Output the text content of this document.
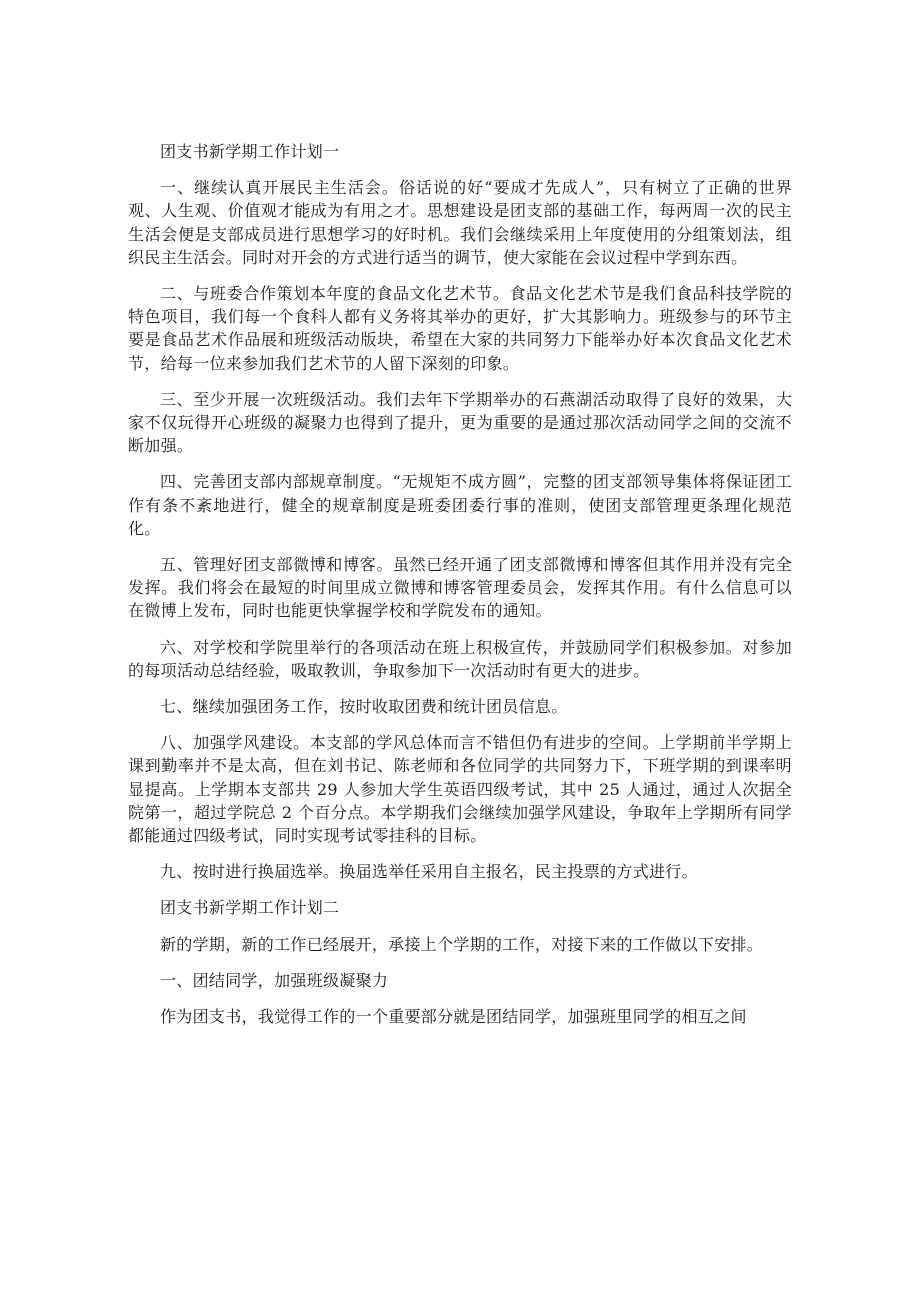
团支书新学期工作计划一

一、继续认真开展民主生活会。俗话说的好“要成才先成人”，只有树立了正确的世界观、人生观、价值观才能成为有用之才。思想建设是团支部的基础工作，每两周一次的民主生活会便是支部成员进行思想学习的好时机。我们会继续采用上年度使用的分组策划法，组织民主生活会。同时对开会的方式进行适当的调节，使大家能在会议过程中学到东西。

二、与班委合作策划本年度的食品文化艺术节。食品文化艺术节是我们食品科技学院的特色项目，我们每一个食科人都有义务将其举办的更好，扩大其影响力。班级参与的环节主要是食品艺术作品展和班级活动版块，希望在大家的共同努力下能举办好本次食品文化艺术节，给每一位来参加我们艺术节的人留下深刻的印象。

三、至少开展一次班级活动。我们去年下学期举办的石燕湖活动取得了良好的效果，大家不仅玩得开心班级的凝聚力也得到了提升，更为重要的是通过那次活动同学之间的交流不断加强。

四、完善团支部内部规章制度。“无规矩不成方圆”，完整的团支部领导集体将保证团工作有条不紊地进行，健全的规章制度是班委团委行事的准则，使团支部管理更条理化规范化。

五、管理好团支部微博和博客。虽然已经开通了团支部微博和博客但其作用并没有完全发挥。我们将会在最短的时间里成立微博和博客管理委员会，发挥其作用。有什么信息可以在微博上发布，同时也能更快掌握学校和学院发布的通知。

六、对学校和学院里举行的各项活动在班上积极宣传，并鼓励同学们积极参加。对参加的每项活动总结经验，吸取教训，争取参加下一次活动时有更大的进步。

七、继续加强团务工作，按时收取团费和统计团员信息。

八、加强学风建设。本支部的学风总体而言不错但仍有进步的空间。上学期前半学期上课到勤率并不是太高，但在刘书记、陈老师和各位同学的共同努力下，下班学期的到课率明显提高。上学期本支部共 29 人参加大学生英语四级考试，其中 25 人通过，通过人次据全院第一，超过学院总 2 个百分点。本学期我们会继续加强学风建设，争取年上学期所有同学都能通过四级考试，同时实现考试零挂科的目标。

九、按时进行换届选举。换届选举任采用自主报名，民主投票的方式进行。

团支书新学期工作计划二

新的学期，新的工作已经展开，承接上个学期的工作，对接下来的工作做以下安排。

一、团结同学，加强班级凝聚力

作为团支书，我觉得工作的一个重要部分就是团结同学，加强班里同学的相互之间
